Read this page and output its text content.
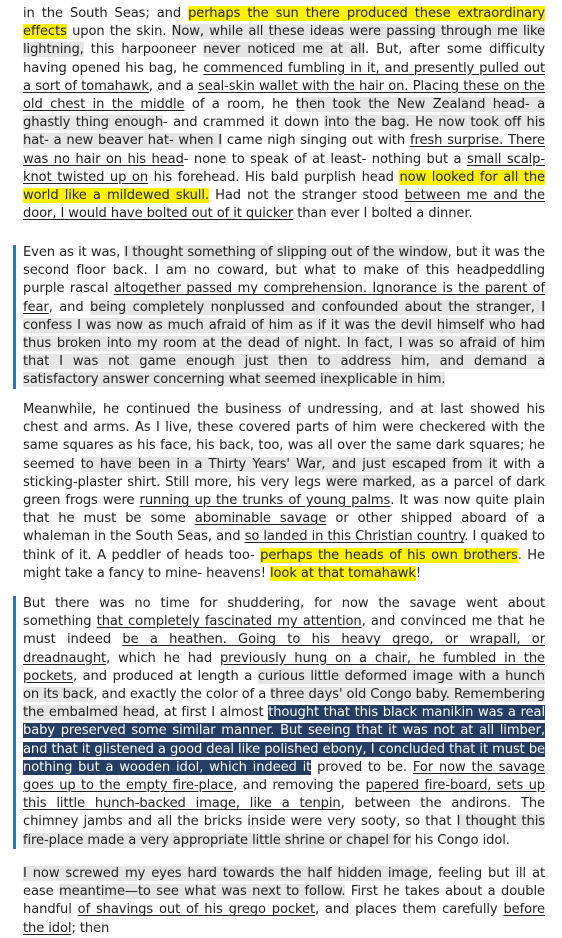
in the South Seas; and perhaps the sun there produced these extraordinary effects upon the skin. Now, while all these ideas were passing through me like lightning, this harpooneer never noticed me at all. But, after some difficulty having opened his bag, he commenced fumbling in it, and presently pulled out a sort of tomahawk, and a seal-skin wallet with the hair on. Placing these on the old chest in the middle of a room, he then took the New Zealand head- a ghastly thing enough- and crammed it down into the bag. He now took off his hat- a new beaver hat- when I came nigh singing out with fresh surprise. There was no hair on his head- none to speak of at least- nothing but a small scalp-knot twisted up on his forehead. His bald purplish head now looked for all the world like a mildewed skull. Had not the stranger stood between me and the door, I would have bolted out of it quicker than ever I bolted a dinner.

Even as it was, I thought something of slipping out of the window, but it was the second floor back. I am no coward, but what to make of this headpeddling purple rascal altogether passed my comprehension. Ignorance is the parent of fear, and being completely nonplussed and confounded about the stranger, I confess I was now as much afraid of him as if it was the devil himself who had thus broken into my room at the dead of night. In fact, I was so afraid of him that I was not game enough just then to address him, and demand a satisfactory answer concerning what seemed inexplicable in him.

Meanwhile, he continued the business of undressing, and at last showed his chest and arms. As I live, these covered parts of him were checkered with the same squares as his face, his back, too, was all over the same dark squares; he seemed to have been in a Thirty Years' War, and just escaped from it with a sticking-plaster shirt. Still more, his very legs were marked, as a parcel of dark green frogs were running up the trunks of young palms. It was now quite plain that he must be some abominable savage or other shipped aboard of a whaleman in the South Seas, and so landed in this Christian country. I quaked to think of it. A peddler of heads too- perhaps the heads of his own brothers. He might take a fancy to mine- heavens! look at that tomahawk!

But there was no time for shuddering, for now the savage went about something that completely fascinated my attention, and convinced me that he must indeed be a heathen. Going to his heavy grego, or wrapall, or dreadnaught, which he had previously hung on a chair, he fumbled in the pockets, and produced at length a curious little deformed image with a hunch on its back, and exactly the color of a three days' old Congo baby. Remembering the embalmed head, at first I almost thought that this black manikin was a real baby preserved some similar manner. But seeing that it was not at all limber, and that it glistened a good deal like polished ebony, I concluded that it must be nothing but a wooden idol, which indeed it proved to be. For now the savage goes up to the empty fire-place, and removing the papered fire-board, sets up this little hunch-backed image, like a tenpin, between the andirons. The chimney jambs and all the bricks inside were very sooty, so that I thought this fire-place made a very appropriate little shrine or chapel for his Congo idol.

I now screwed my eyes hard towards the half hidden image, feeling but ill at ease meantime—to see what was next to follow. First he takes about a double handful of shavings out of his grego pocket, and places them carefully before the idol; then
